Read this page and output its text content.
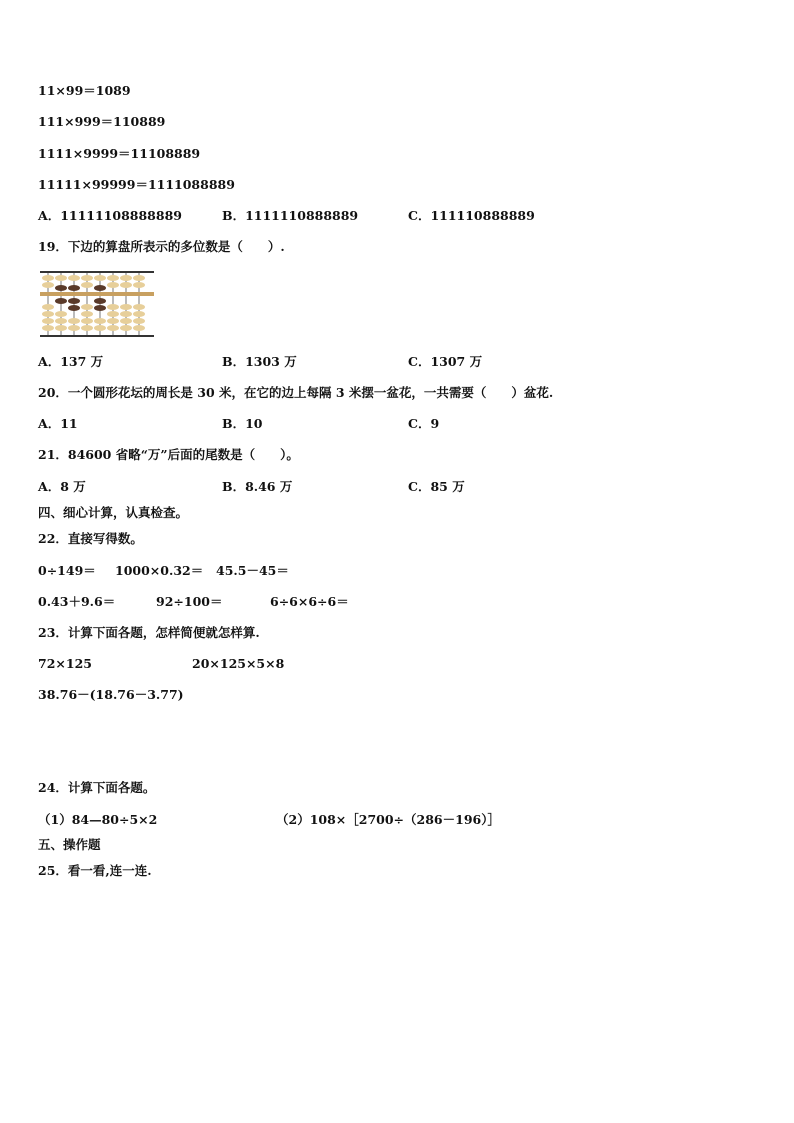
11×99＝1089
111×999＝110889
1111×9999＝11108889
11111×99999＝1111088889
A．11111108888889	B．1111110888889	C．111110888889
19．下边的算盘所表示的多位数是（　　）.
A．137 万	B．1303 万	C．1307 万
20．一个圆形花坛的周长是 30 米，在它的边上每隔 3 米摆一盆花，一共需要（　　）盆花.
A．11	B．10	C．9
21．84600 省略“万”后面的尾数是（　　）。
A．8 万	B．8.46 万	C．85 万
四、细心计算，认真检查。
22．直接写得数。
0÷149＝ 1000×0.32＝ 45.5－45＝
0.43＋9.6＝	92÷100＝	6÷6×6÷6＝
23．计算下面各题，怎样简便就怎样算.
72×125	20×125×5×8
38.76－(18.76－3.77)
24．计算下面各题。
（1）84—80÷5×2	（2）108×［2700÷（286－196）］
五、操作题
25．看一看,连一连.
